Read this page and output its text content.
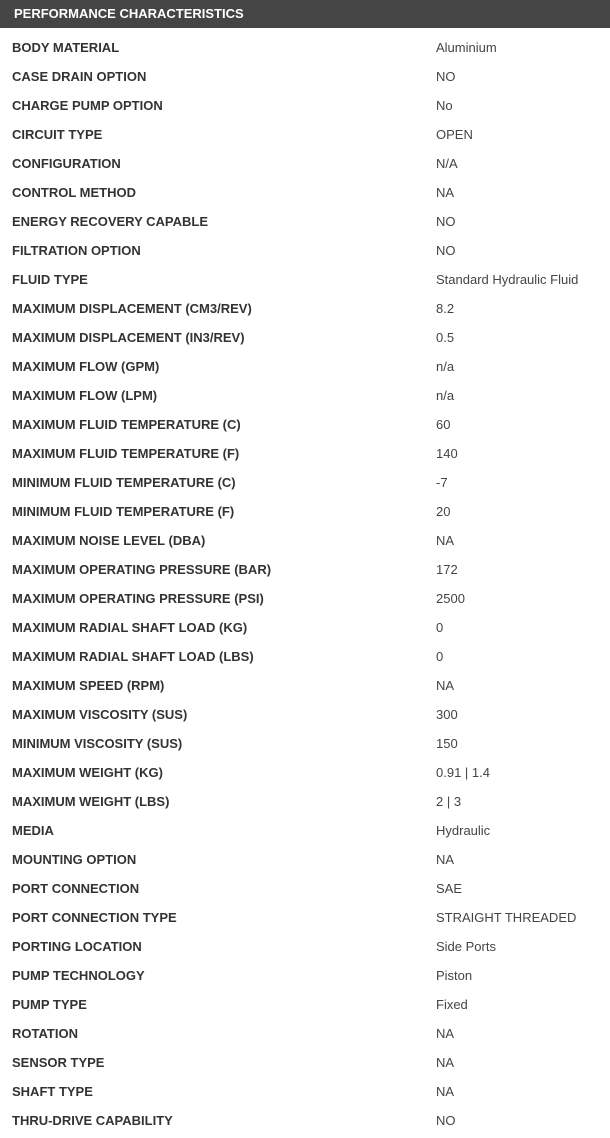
PERFORMANCE CHARACTERISTICS
BODY MATERIAL	Aluminium
CASE DRAIN OPTION	NO
CHARGE PUMP OPTION	No
CIRCUIT TYPE	OPEN
CONFIGURATION	N/A
CONTROL METHOD	NA
ENERGY RECOVERY CAPABLE	NO
FILTRATION OPTION	NO
FLUID TYPE	Standard Hydraulic Fluid
MAXIMUM DISPLACEMENT (CM3/REV)	8.2
MAXIMUM DISPLACEMENT (IN3/REV)	0.5
MAXIMUM FLOW (GPM)	n/a
MAXIMUM FLOW (LPM)	n/a
MAXIMUM FLUID TEMPERATURE (C)	60
MAXIMUM FLUID TEMPERATURE (F)	140
MINIMUM FLUID TEMPERATURE (C)	-7
MINIMUM FLUID TEMPERATURE (F)	20
MAXIMUM NOISE LEVEL (DBA)	NA
MAXIMUM OPERATING PRESSURE (BAR)	172
MAXIMUM OPERATING PRESSURE (PSI)	2500
MAXIMUM RADIAL SHAFT LOAD (KG)	0
MAXIMUM RADIAL SHAFT LOAD (LBS)	0
MAXIMUM SPEED (RPM)	NA
MAXIMUM VISCOSITY (SUS)	300
MINIMUM VISCOSITY (SUS)	150
MAXIMUM WEIGHT (KG)	0.91 | 1.4
MAXIMUM WEIGHT (LBS)	2 | 3
MEDIA	Hydraulic
MOUNTING OPTION	NA
PORT CONNECTION	SAE
PORT CONNECTION TYPE	STRAIGHT THREADED
PORTING LOCATION	Side Ports
PUMP TECHNOLOGY	Piston
PUMP TYPE	Fixed
ROTATION	NA
SENSOR TYPE	NA
SHAFT TYPE	NA
THRU-DRIVE CAPABILITY	NO
